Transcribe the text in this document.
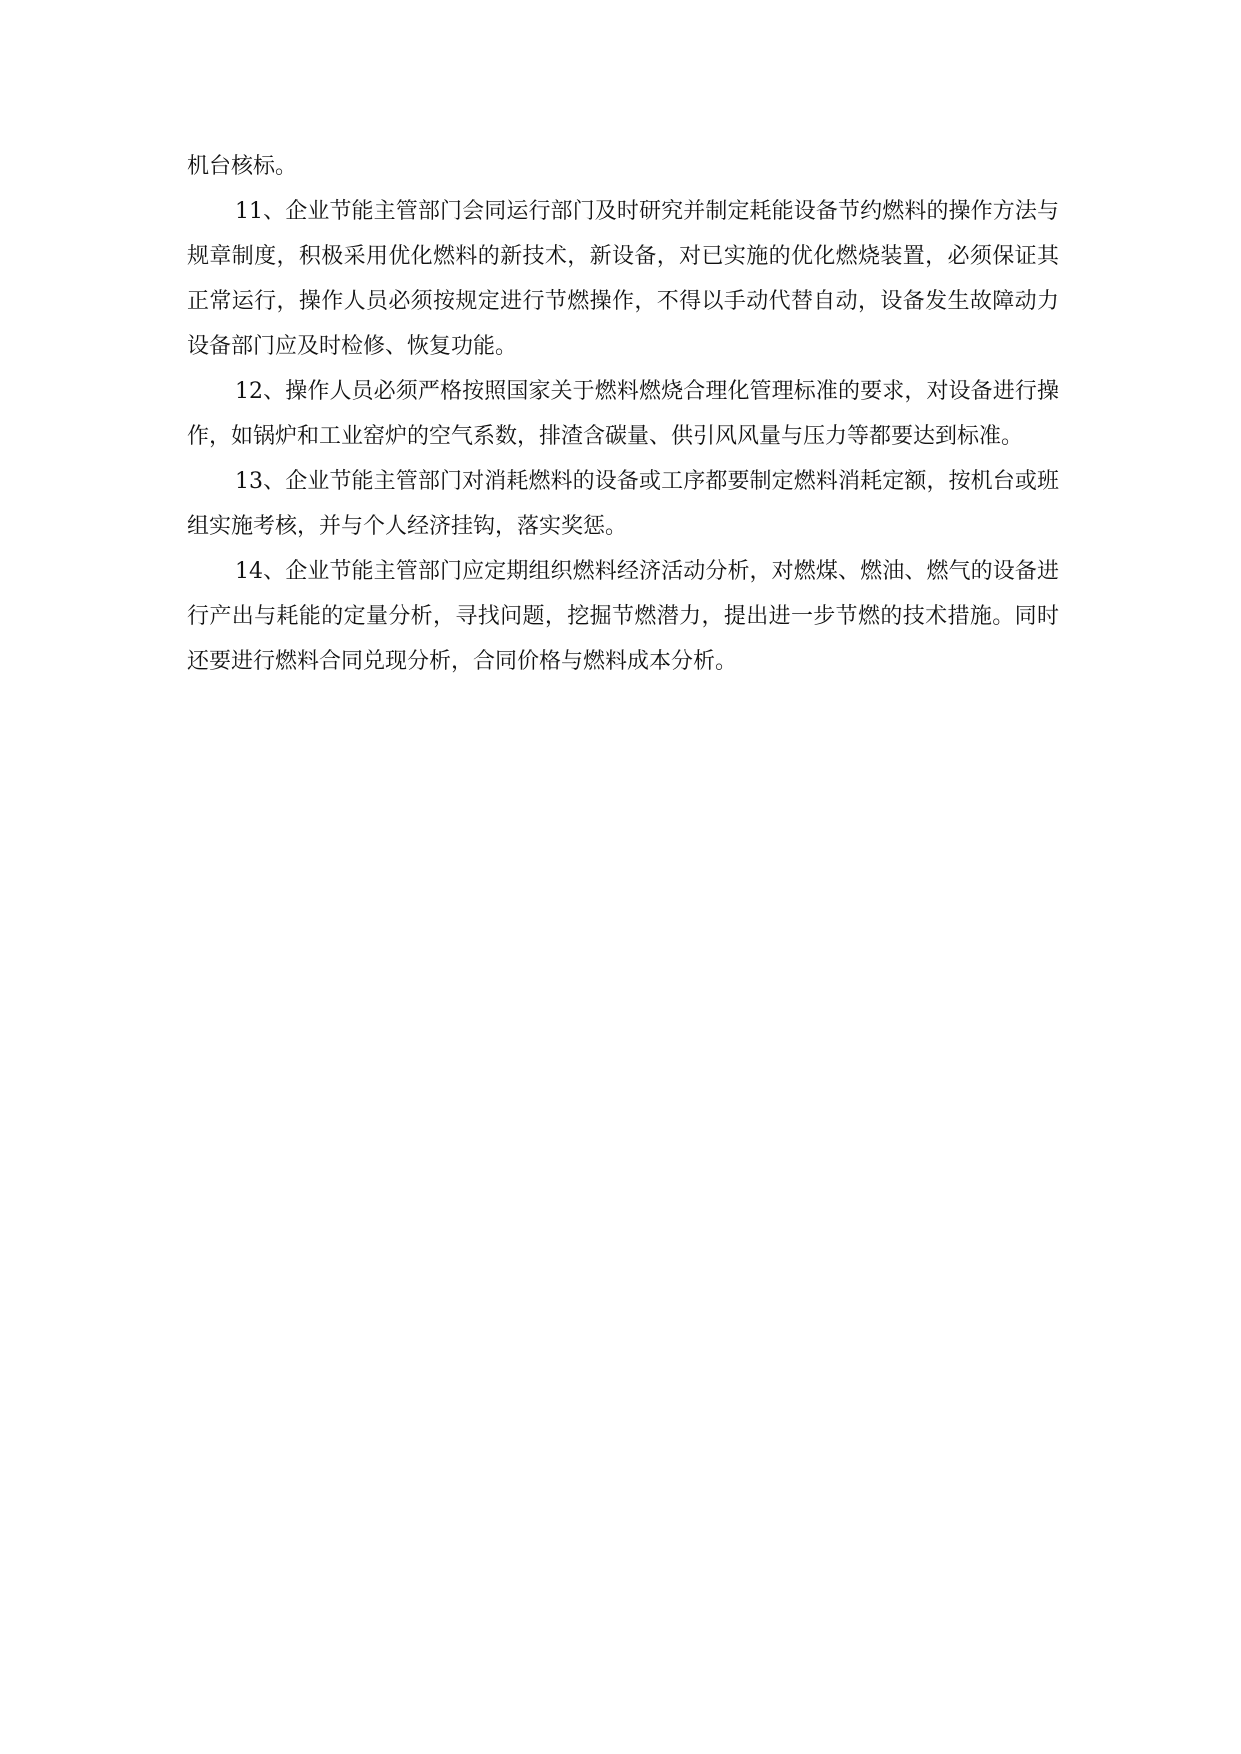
机台核标。

11、企业节能主管部门会同运行部门及时研究并制定耗能设备节约燃料的操作方法与规章制度，积极采用优化燃料的新技术，新设备，对已实施的优化燃烧装置，必须保证其正常运行，操作人员必须按规定进行节燃操作，不得以手动代替自动，设备发生故障动力设备部门应及时检修、恢复功能。

12、操作人员必须严格按照国家关于燃料燃烧合理化管理标准的要求，对设备进行操作，如锅炉和工业窑炉的空气系数，排渣含碳量、供引风风量与压力等都要达到标准。

13、企业节能主管部门对消耗燃料的设备或工序都要制定燃料消耗定额，按机台或班组实施考核，并与个人经济挂钩，落实奖惩。

14、企业节能主管部门应定期组织燃料经济活动分析，对燃煤、燃油、燃气的设备进行产出与耗能的定量分析，寻找问题，挖掘节燃潜力，提出进一步节燃的技术措施。同时还要进行燃料合同兑现分析，合同价格与燃料成本分析。
